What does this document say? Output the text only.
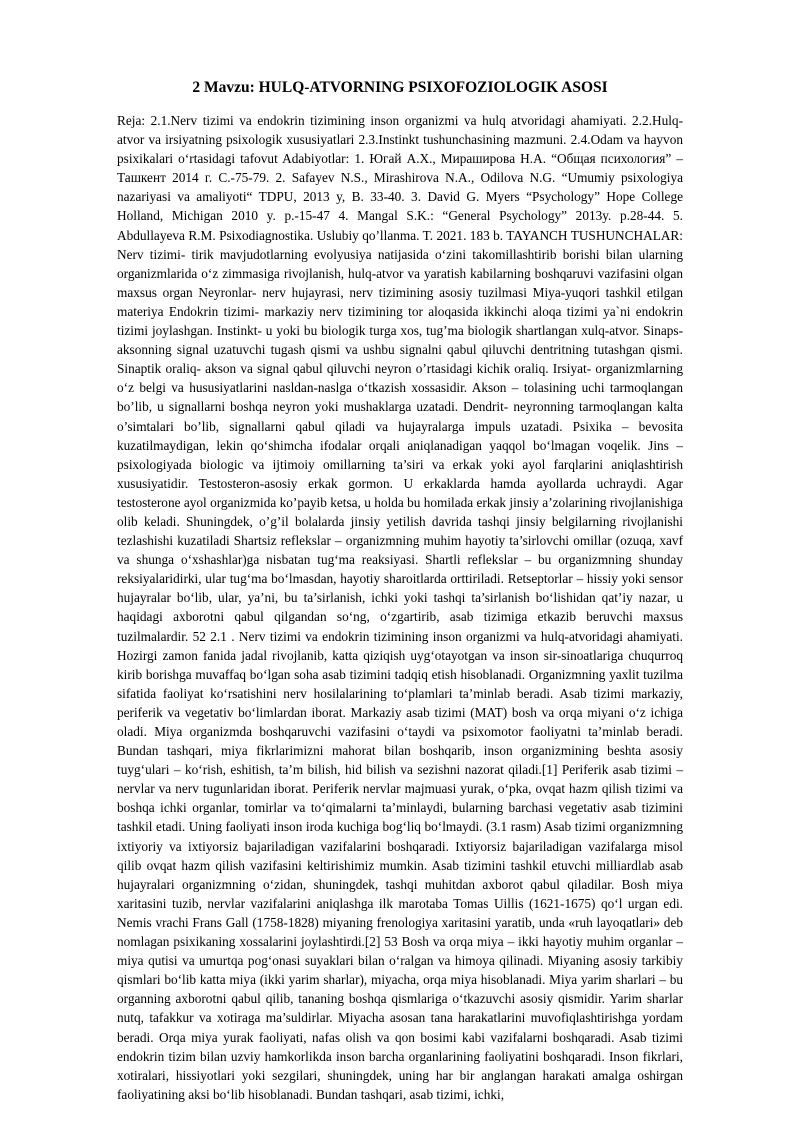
2 Mavzu: HULQ-ATVORNING PSIXOFOZIOLOGIK ASOSI

Reja: 2.1.Nerv tizimi va endokrin tizimining inson organizmi va hulq atvoridagi ahamiyati. 2.2.Hulq-atvor va irsiyatning psixologik xususiyatlari 2.3.Instinkt tushunchasining mazmuni. 2.4.Odam va hayvon psixikalari oʻrtasidagi tafovut Adabiyotlar: 1. Югай А.Х., Мирашировa Н.А. “Общая психология” – Ташкент 2014 г. С.-75-79. 2. Safayev N.S., Mirashirova N.A., Odilova N.G. “Umumiy psixologiya nazariyasi va amaliyoti“ TDPU, 2013 y, B. 33-40. 3. David G. Myers “Psychology” Hope College Holland, Michigan 2010 y. p.-15-47 4. Mangal S.K.: “General Psychology” 2013y. p.28-44. 5. Abdullayeva R.M. Psixodiagnostika. Uslubiy qo’llanma. T. 2021. 183 b. TAYANCH TUSHUNCHALAR: Nerv tizimi- tirik mavjudotlarning evolyusiya natijasida o‘zini takomillashtirib borishi bilan ularning organizmlarida o‘z zimmasiga rivojlanish, hulq-atvor va yaratish kabilarning boshqaruvi vazifasini olgan maxsus organ Neyronlar- nerv hujayrasi, nerv tizimining asosiy tuzilmasi Miya-yuqori tashkil etilgan materiya Endokrin tizimi- markaziy nerv tizimining tor aloqasida ikkinchi aloqa tizimi ya`ni endokrin tizimi joylashgan. Instinkt- u yoki bu biologik turga xos, tug’ma biologik shartlangan xulq-atvor. Sinaps- aksonning signal uzatuvchi tugash qismi va ushbu signalni qabul qiluvchi dentritning tutashgan qismi. Sinaptik oraliq- akson va signal qabul qiluvchi neyron o’rtasidagi kichik oraliq. Irsiyat- organizmlarning o‘z belgi va hususiyatlarini nasldan-naslga o‘tkazish xossasidir. Akson – tolasining uchi tarmoqlangan bo’lib, u signallarni boshqa neyron yoki mushaklarga uzatadi. Dendrit- neyronning tarmoqlangan kalta o’simtalari bo’lib, signallarni qabul qiladi va hujayralarga impuls uzatadi. Psixika – bevosita kuzatilmaydigan, lekin qo‘shimcha ifodalar orqali aniqlanadigan yaqqol bo‘lmagan voqelik. Jins – psixologiyada biologic va ijtimoiy omillarning ta’siri va erkak yoki ayol farqlarini aniqlashtirish xususiyatidir. Testosteron-asosiy erkak gormon. U erkaklarda hamda ayollarda uchraydi. Agar testosterone ayol organizmida ko’payib ketsa, u holda bu homilada erkak jinsiy a’zolarining rivojlanishiga olib keladi. Shuningdek, o’g’il bolalarda jinsiy yetilish davrida tashqi jinsiy belgilarning rivojlanishi tezlashishi kuzatiladi Shartsiz reflekslar – organizmning muhim hayotiy ta’sirlovchi omillar (ozuqa, xavf va shunga o‘xshashlar)ga nisbatan tug‘ma reaksiyasi. Shartli reflekslar – bu organizmning shunday reksiyalaridirki, ular tug‘ma bo‘lmasdan, hayotiy sharoitlarda orttiriladi. Retseptorlar – hissiy yoki sensor hujayralar bo‘lib, ular, ya’ni, bu ta’sirlanish, ichki yoki tashqi ta’sirlanish bo‘lishidan qat’iy nazar, u haqidagi axborotni qabul qilgandan so‘ng, o‘zgartirib, asab tizimiga etkazib beruvchi maxsus tuzilmalardir. 52 2.1 . Nerv tizimi va endokrin tizimining inson organizmi va hulq-atvoridagi ahamiyati. Hozirgi zamon fanida jadal rivojlanib, katta qiziqish uyg‘otayotgan va inson sir-sinoatlariga chuqurroq kirib borishga muvaffaq bo‘lgan soha asab tizimini tadqiq etish hisoblanadi. Organizmning yaxlit tuzilma sifatida faoliyat ko‘rsatishini nerv hosilalarining to‘plamlari ta’minlab beradi. Asab tizimi markaziy, periferik va vegetativ bo‘limlardan iborat. Markaziy asab tizimi (MAT) bosh va orqa miyani o‘z ichiga oladi. Miya organizmda boshqaruvchi vazifasini o‘taydi va psixomotor faoliyatni ta’minlab beradi. Bundan tashqari, miya fikrlarimizni mahorat bilan boshqarib, inson organizmining beshta asosiy tuyg‘ulari – ko‘rish, eshitish, ta’m bilish, hid bilish va sezishni nazorat qiladi.[1] Periferik asab tizimi – nervlar va nerv tugunlaridan iborat. Periferik nervlar majmuasi yurak, o‘pka, ovqat hazm qilish tizimi va boshqa ichki organlar, tomirlar va to‘qimalarni ta’minlaydi, bularning barchasi vegetativ asab tizimini tashkil etadi. Uning faoliyati inson iroda kuchiga bog‘liq bo‘lmaydi. (3.1 rasm) Asab tizimi organizmning ixtiyoriy va ixtiyorsiz bajariladigan vazifalarini boshqaradi. Ixtiyorsiz bajariladigan vazifalarga misol qilib ovqat hazm qilish vazifasini keltirishimiz mumkin. Asab tizimini tashkil etuvchi milliardlab asab hujayralari organizmning o‘zidan, shuningdek, tashqi muhitdan axborot qabul qiladilar. Bosh miya xaritasini tuzib, nervlar vazifalarini aniqlashga ilk marotaba Tomas Uillis (1621-1675) qo‘l urgan edi. Nemis vrachi Frans Gall (1758-1828) miyaning frenologiya xaritasini yaratib, unda «ruh layoqatlari» deb nomlagan psixikaning xossalarini joylashtirdi.[2] 53 Bosh va orqa miya – ikki hayotiy muhim organlar – miya qutisi va umurtqa pog‘onasi suyaklari bilan o‘ralgan va himoya qilinadi. Miyaning asosiy tarkibiy qismlari bo‘lib katta miya (ikki yarim sharlar), miyacha, orqa miya hisoblanadi. Miya yarim sharlari – bu organning axborotni qabul qilib, tananing boshqa qismlariga o‘tkazuvchi asosiy qismidir. Yarim sharlar nutq, tafakkur va xotiraga ma’suldirlar. Miyacha asosan tana harakatlarini muvofiqlashtirishga yordam beradi. Orqa miya yurak faoliyati, nafas olish va qon bosimi kabi vazifalarni boshqaradi. Asab tizimi endokrin tizim bilan uzviy hamkorlikda inson barcha organlarining faoliyatini boshqaradi. Inson fikrlari, xotiralari, hissiyotlari yoki sezgilari, shuningdek, uning har bir anglangan harakati amalga oshirgan faoliyatining aksi bo‘lib hisoblanadi. Bundan tashqari, asab tizimi, ichki,
